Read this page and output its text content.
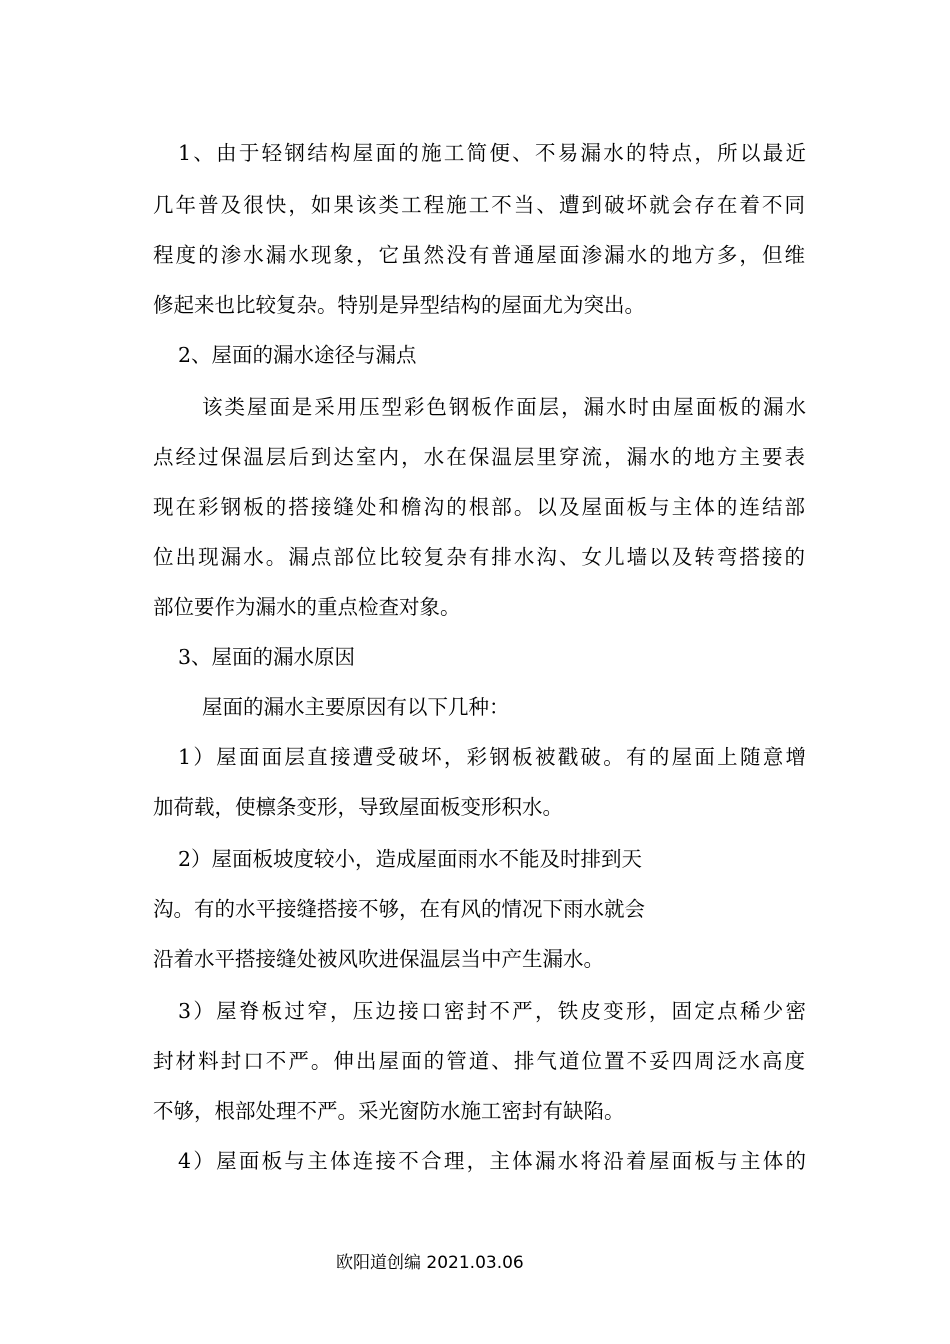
1、由于轻钢结构屋面的施工简便、不易漏水的特点，所以最近
几年普及很快，如果该类工程施工不当、遭到破坏就会存在着不同
程度的渗水漏水现象，它虽然没有普通屋面渗漏水的地方多，但维
修起来也比较复杂。特别是异型结构的屋面尤为突出。
2、屋面的漏水途径与漏点
该类屋面是采用压型彩色钢板作面层，漏水时由屋面板的漏水
点经过保温层后到达室内，水在保温层里穿流，漏水的地方主要表
现在彩钢板的搭接缝处和檐沟的根部。以及屋面板与主体的连结部
位出现漏水。漏点部位比较复杂有排水沟、女儿墙以及转弯搭接的
部位要作为漏水的重点检查对象。
3、屋面的漏水原因
屋面的漏水主要原因有以下几种：
1）屋面面层直接遭受破坏，彩钢板被戳破。有的屋面上随意增
加荷载，使檩条变形，导致屋面板变形积水。
2）屋面板坡度较小，造成屋面雨水不能及时排到天
沟。有的水平接缝搭接不够，在有风的情况下雨水就会
沿着水平搭接缝处被风吹进保温层当中产生漏水。
3）屋脊板过窄，压边接口密封不严，铁皮变形，固定点稀少密
封材料封口不严。伸出屋面的管道、排气道位置不妥四周泛水高度
不够，根部处理不严。采光窗防水施工密封有缺陷。
4）屋面板与主体连接不合理，主体漏水将沿着屋面板与主体的
欧阳道创编 2021.03.06
